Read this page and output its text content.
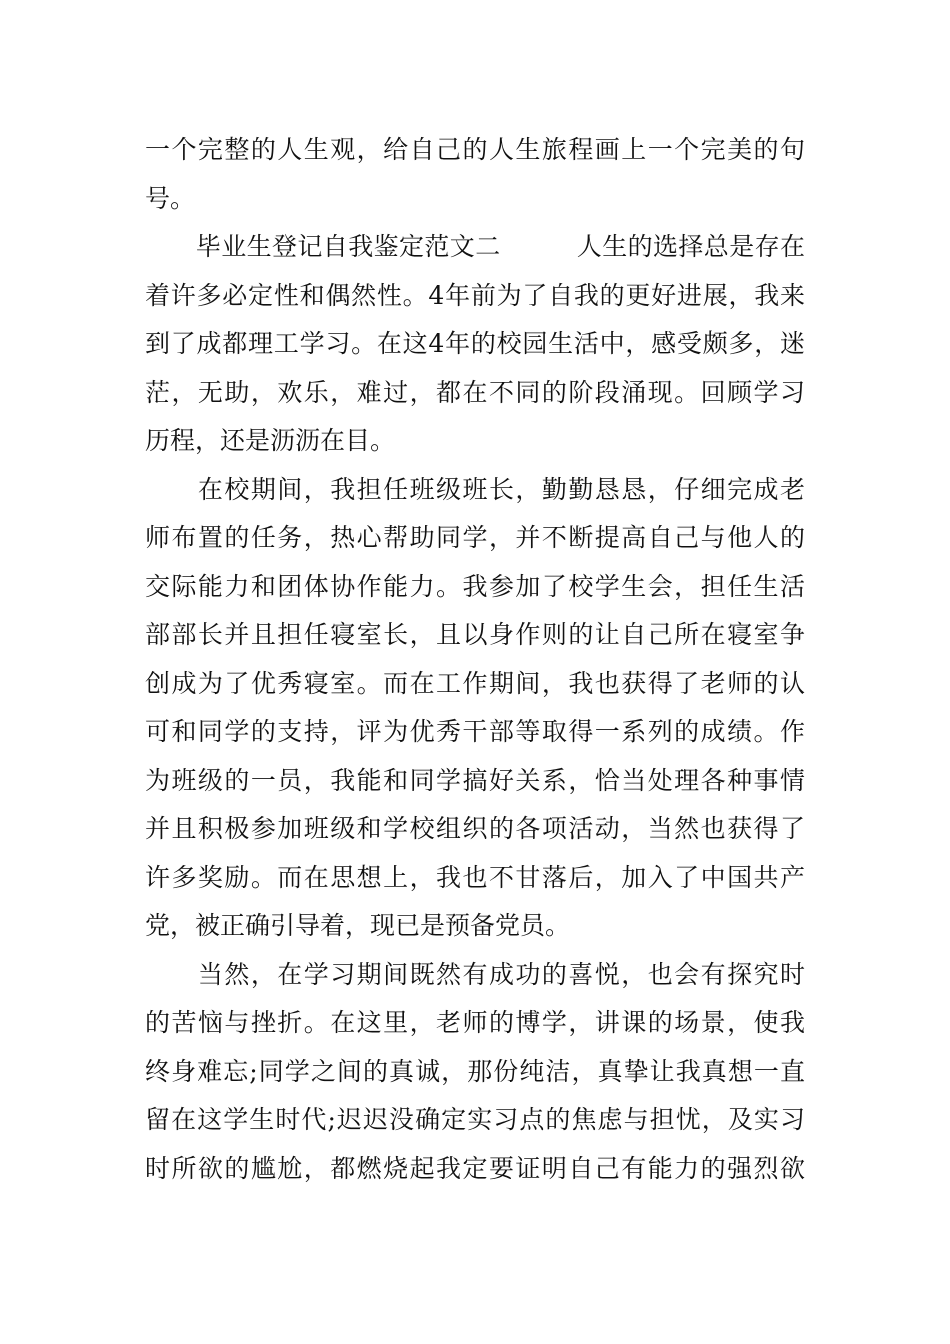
一个完整的人生观，给自己的人生旅程画上一个完美的句
号。
　　毕业生登记自我鉴定范文二　　　人生的选择总是存在
着许多必定性和偶然性。4年前为了自我的更好进展，我来
到了成都理工学习。在这4年的校园生活中，感受颇多，迷
茫，无助，欢乐，难过，都在不同的阶段涌现。回顾学习
历程，还是沥沥在目。
　　在校期间，我担任班级班长，勤勤恳恳，仔细完成老
师布置的任务，热心帮助同学，并不断提高自己与他人的
交际能力和团体协作能力。我参加了校学生会，担任生活
部部长并且担任寝室长，且以身作则的让自己所在寝室争
创成为了优秀寝室。而在工作期间，我也获得了老师的认
可和同学的支持，评为优秀干部等取得一系列的成绩。作
为班级的一员，我能和同学搞好关系，恰当处理各种事情
并且积极参加班级和学校组织的各项活动，当然也获得了
许多奖励。而在思想上，我也不甘落后，加入了中国共产
党，被正确引导着，现已是预备党员。
　　当然，在学习期间既然有成功的喜悦，也会有探究时
的苦恼与挫折。在这里，老师的博学，讲课的场景，使我
终身难忘;同学之间的真诚，那份纯洁，真挚让我真想一直
留在这学生时代;迟迟没确定实习点的焦虑与担忧，及实习
时所欲的尴尬，都燃烧起我定要证明自己有能力的强烈欲
